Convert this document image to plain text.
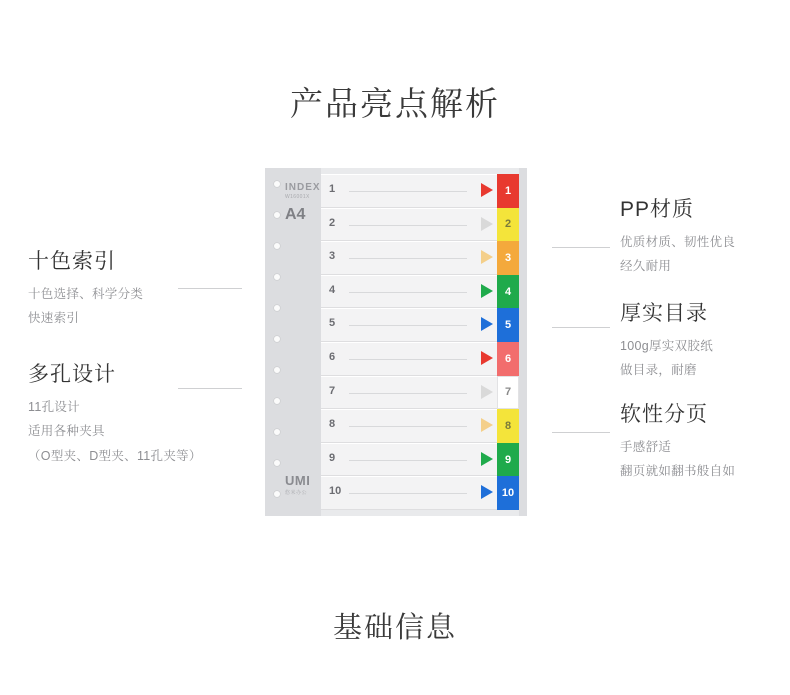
产品亮点解析
INDEX
W16001X
A4
UMI
悠米办公
1
2
3
4
5
6
7
8
9
10
1
2
3
4
5
6
7
8
9
10
十色索引

十色选择、科学分类

快速索引

多孔设计

11孔设计

适用各种夹具

（O型夹、D型夹、11孔夹等）

PP材质

优质材质、韧性优良

经久耐用

厚实目录

100g厚实双胶纸

做目录，耐磨

软性分页

手感舒适

翻页就如翻书般自如

基础信息
